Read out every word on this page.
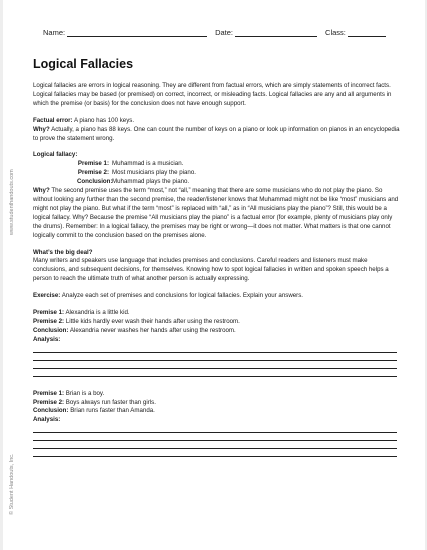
www.studenthandouts.com
© Student Handouts, Inc.
Name:	Date:	Class:
Logical Fallacies

Logical fallacies are errors in logical reasoning. They are different from factual errors, which are simply statements of incorrect facts. Logical fallacies may be based (or premised) on correct, incorrect, or misleading facts. Logical fallacies are any and all arguments in which the premise (or basis) for the conclusion does not have enough support.

Factual error: A piano has 100 keys.

Why? Actually, a piano has 88 keys. One can count the number of keys on a piano or look up information on pianos in an encyclopedia to prove the statement wrong.

Logical fallacy:

Premise 1: Muhammad is a musician.

Premise 2: Most musicians play the piano.

Conclusion:Muhammad plays the piano.

Why? The second premise uses the term “most,” not “all,” meaning that there are some musicians who do not play the piano. So without looking any further than the second premise, the reader/listener knows that Muhammad might not be like “most” musicians and might not play the piano. But what if the term “most” is replaced with “all,” as in “All musicians play the piano”? Still, this would be a logical fallacy. Why? Because the premise “All musicians play the piano” is a factual error (for example, plenty of musicians play only the drums). Remember: In a logical fallacy, the premises may be right or wrong—it does not matter. What matters is that one cannot logically commit to the conclusion based on the premises alone.

What’s the big deal?

Many writers and speakers use language that includes premises and conclusions. Careful readers and listeners must make conclusions, and subsequent decisions, for themselves. Knowing how to spot logical fallacies in written and spoken speech helps a person to reach the ultimate truth of what another person is actually expressing.

Exercise: Analyze each set of premises and conclusions for logical fallacies. Explain your answers.

Premise 1: Alexandria is a little kid.

Premise 2: Little kids hardly ever wash their hands after using the restroom.

Conclusion: Alexandria never washes her hands after using the restroom.

Analysis:

Premise 1: Brian is a boy.

Premise 2: Boys always run faster than girls.

Conclusion: Brian runs faster than Amanda.

Analysis:
